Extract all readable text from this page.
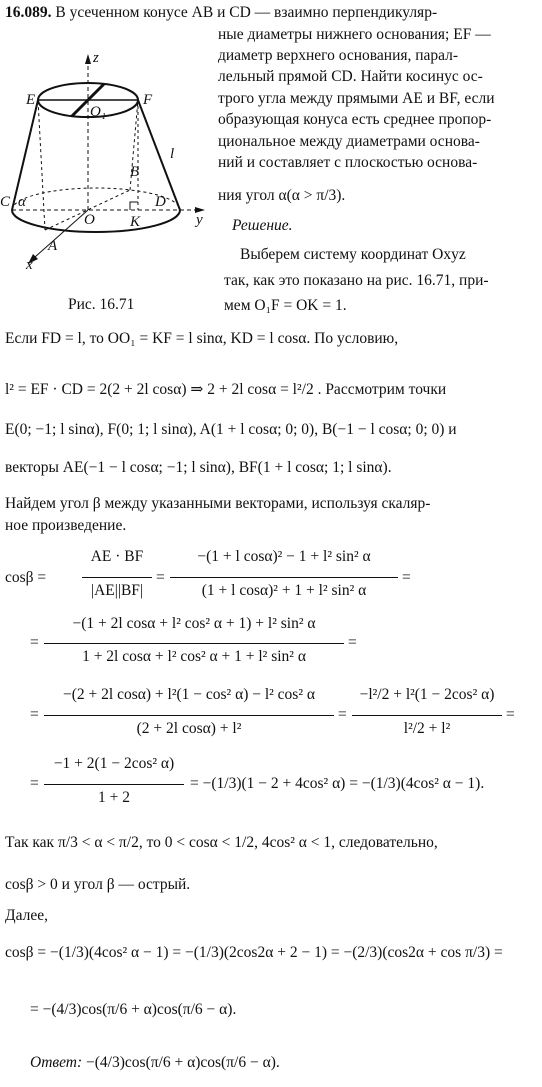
16.089. В усеченном конусе AB и CD — взаимно перпендикуляр-
ные диаметры нижнего основания; EF —
диаметр верхнего основания, парал-
лельный прямой CD. Найти косинус ос-
трого угла между прямыми AE и BF, если
образующая конуса есть среднее пропор-
циональное между диаметрами основа-
ний и составляет с плоскостью основа-
ния угол α(α > π/3).
z
E
O₁
F
l
B
C α
O K
D
y
A
x
Решение.
Выберем систему координат Oxyz
так, как это показано на рис. 16.71, при-
Рис. 16.71	мем O₁F = OK = 1.
Если FD = l, то OO₁ = KF = l sinα, KD = l cosα. По условию,
l² = EF · CD = 2(2 + 2l cosα) ⇒ 2 + 2l cosα = l²/2 . Рассмотрим точки
E(0; −1; l sinα), F(0; 1; l sinα), A(1 + l cosα; 0; 0), B(−1 − l cosα; 0; 0) и
векторы AE(−1 − l cosα; −1; l sinα), BF(1 + l cosα; 1; l sinα).
Найдем угол β между указанными векторами, используя скаляр-
ное произведение.
cosβ =
AE · BF
|AE||BF|
=
−(1 + l cosα)² − 1 + l² sin² α
(1 + l cosα)² + 1 + l² sin² α
=
=
−(1 + 2l cosα + l² cos² α + 1) + l² sin² α
1 + 2l cosα + l² cos² α + 1 + l² sin² α
=
=
−(2 + 2l cosα) + l²(1 − cos² α) − l² cos² α
(2 + 2l cosα) + l²
=
−l²/2 + l²(1 − 2cos² α)
l²/2 + l²
=
=
−1 + 2(1 − 2cos² α)
1 + 2
= −(1/3)(1 − 2 + 4cos² α) = −(1/3)(4cos² α − 1).
Так как π/3 < α < π/2, то 0 < cosα < 1/2, 4cos² α < 1, следовательно,
cosβ > 0 и угол β — острый.
Далее,
cosβ = −(1/3)(4cos² α − 1) = −(1/3)(2cos2α + 2 − 1) = −(2/3)(cos2α + cos π/3) =
= −(4/3)cos(π/6 + α)cos(π/6 − α).
Ответ: −(4/3)cos(π/6 + α)cos(π/6 − α).
